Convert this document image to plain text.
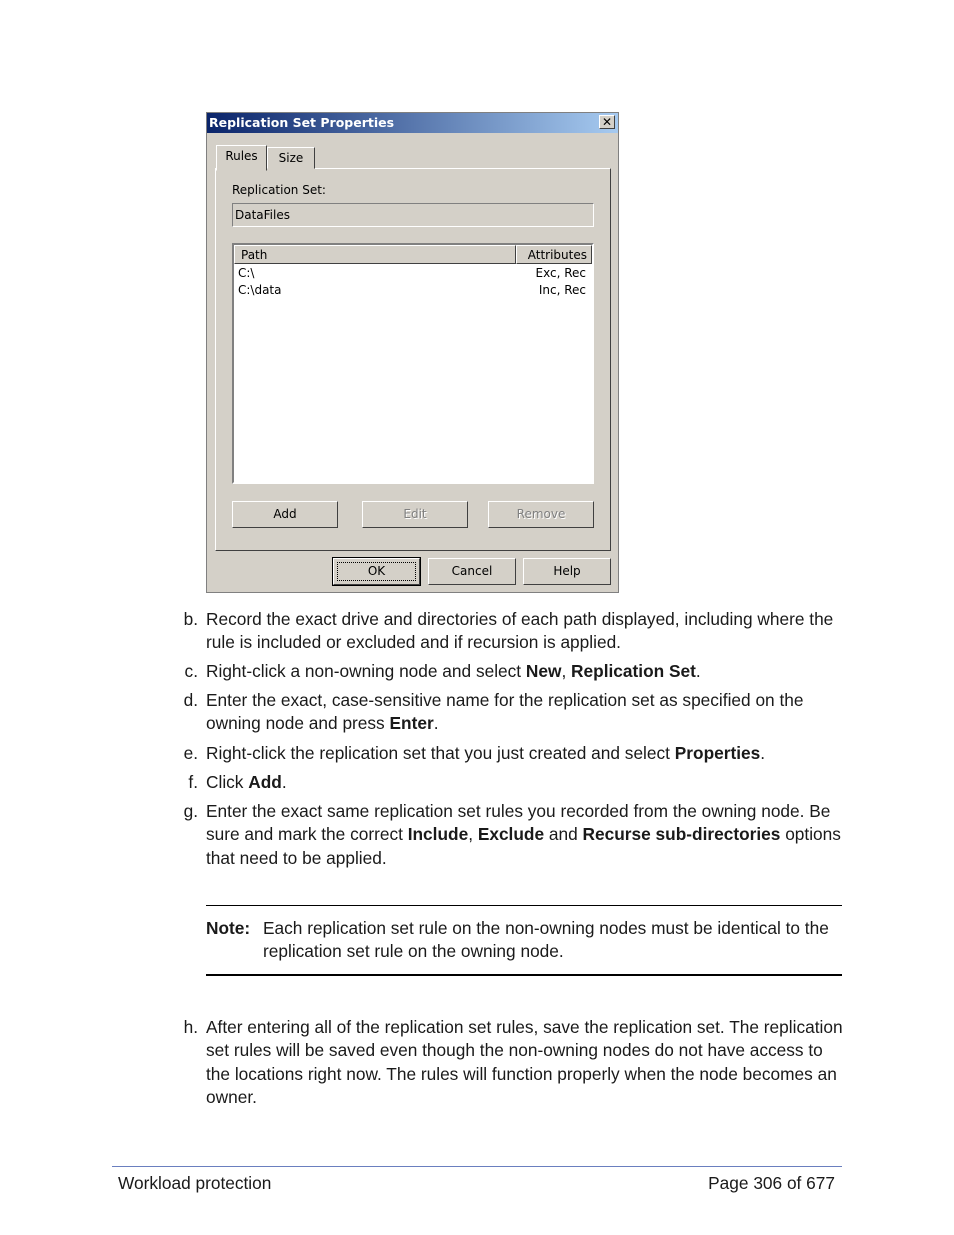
Replication Set Properties	✕
Rules	Size
Replication Set:
DataFiles
Path	Attributes
C:\	Exc, Rec
C:\data	Inc, Rec
Add	Edit	Remove
OK	Cancel	Help
b. Record the exact drive and directories of each path displayed, including where the rule is included or excluded and if recursion is applied.
c. Right-click a non-owning node and select New, Replication Set.
d. Enter the exact, case-sensitive name for the replication set as specified on the owning node and press Enter.
e. Right-click the replication set that you just created and select Properties.
f. Click Add.
g. Enter the exact same replication set rules you recorded from the owning node. Be sure and mark the correct Include, Exclude and Recurse sub-directories options that need to be applied.
Note: Each replication set rule on the non-owning nodes must be identical to the replication set rule on the owning node.
h. After entering all of the replication set rules, save the replication set. The replication set rules will be saved even though the non-owning nodes do not have access to the locations right now. The rules will function properly when the node becomes an owner.
Workload protection	Page 306 of 677
